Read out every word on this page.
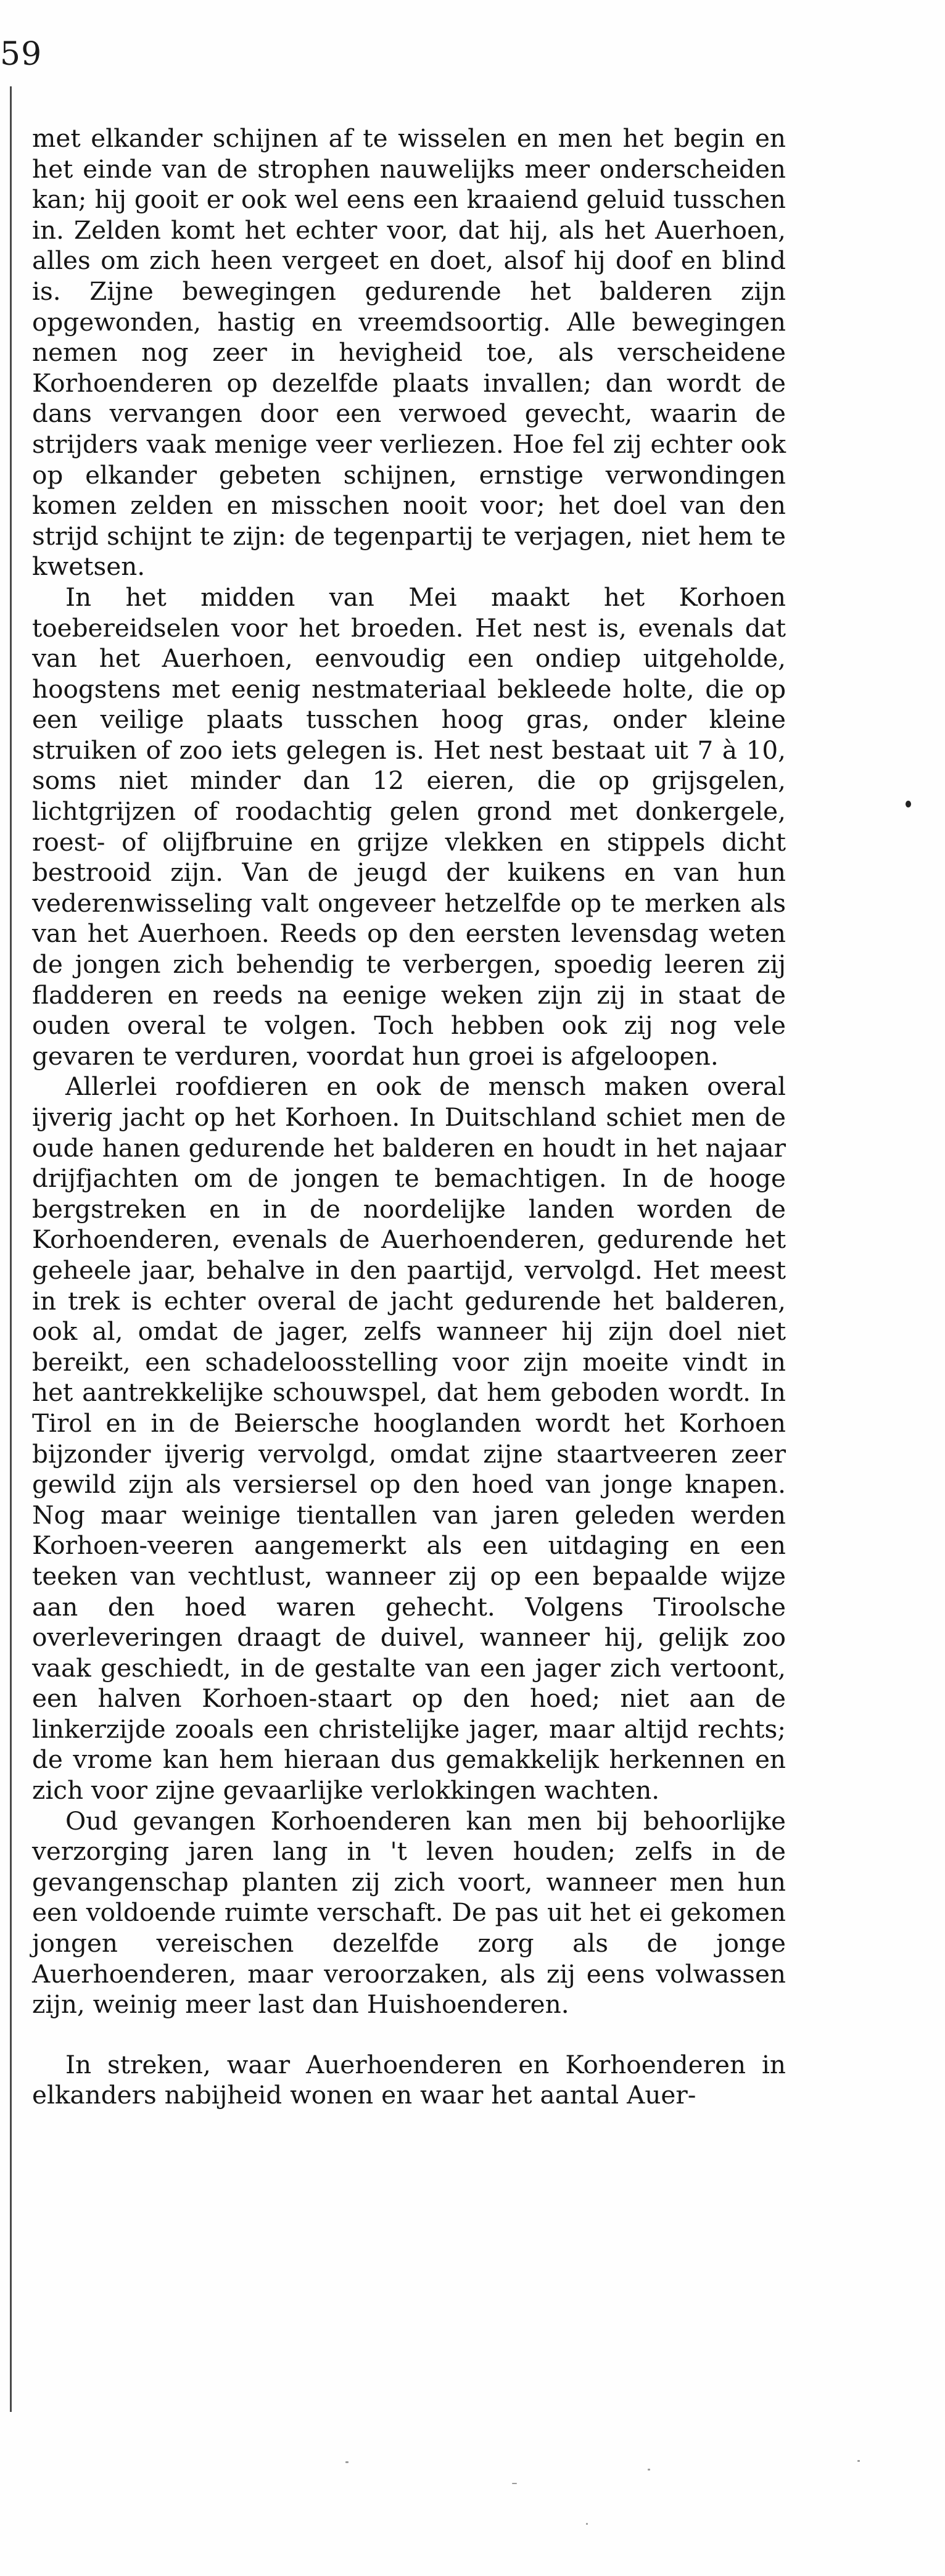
59

met elkander schijnen af te wisselen en men het begin en het einde van de strophen nauwelijks meer onderscheiden kan; hij gooit er ook wel eens een kraaiend geluid tusschen in. Zelden komt het echter voor, dat hij, als het Auerhoen, alles om zich heen vergeet en doet, alsof hij doof en blind is. Zijne bewegingen gedurende het balderen zijn opgewonden, hastig en vreemdsoortig. Alle bewegingen nemen nog zeer in hevigheid toe, als verscheidene Korhoenderen op dezelfde plaats invallen; dan wordt de dans vervangen door een verwoed gevecht, waarin de strijders vaak menige veer verliezen. Hoe fel zij echter ook op elkander gebeten schijnen, ernstige verwondingen komen zelden en misschen nooit voor; het doel van den strijd schijnt te zijn: de tegenpartij te verjagen, niet hem te kwetsen.

In het midden van Mei maakt het Korhoen toebereidselen voor het broeden. Het nest is, evenals dat van het Auerhoen, eenvoudig een ondiep uitgeholde, hoogstens met eenig nestmateriaal bekleede holte, die op een veilige plaats tusschen hoog gras, onder kleine struiken of zoo iets gelegen is. Het nest bestaat uit 7 à 10, soms niet minder dan 12 eieren, die op grijsgelen, lichtgrijzen of roodachtig gelen grond met donkergele, roest- of olijfbruine en grijze vlekken en stippels dicht bestrooid zijn. Van de jeugd der kuikens en van hun vederenwisseling valt ongeveer hetzelfde op te merken als van het Auerhoen. Reeds op den eersten levensdag weten de jongen zich behendig te verbergen, spoedig leeren zij fladderen en reeds na eenige weken zijn zij in staat de ouden overal te volgen. Toch hebben ook zij nog vele gevaren te verduren, voordat hun groei is afgeloopen.

Allerlei roofdieren en ook de mensch maken overal ijverig jacht op het Korhoen. In Duitschland schiet men de oude hanen gedurende het balderen en houdt in het najaar drijfjachten om de jongen te bemachtigen. In de hooge bergstreken en in de noordelijke landen worden de Korhoenderen, evenals de Auerhoenderen, gedurende het geheele jaar, behalve in den paartijd, vervolgd. Het meest in trek is echter overal de jacht gedurende het balderen, ook al, omdat de jager, zelfs wanneer hij zijn doel niet bereikt, een schadeloosstelling voor zijn moeite vindt in het aantrekkelijke schouwspel, dat hem geboden wordt. In Tirol en in de Beiersche hooglanden wordt het Korhoen bijzonder ijverig vervolgd, omdat zijne staartveeren zeer gewild zijn als versiersel op den hoed van jonge knapen. Nog maar weinige tientallen van jaren geleden werden Korhoen-veeren aangemerkt als een uitdaging en een teeken van vechtlust, wanneer zij op een bepaalde wijze aan den hoed waren gehecht. Volgens Tiroolsche overleveringen draagt de duivel, wanneer hij, gelijk zoo vaak geschiedt, in de gestalte van een jager zich vertoont, een halven Korhoen-staart op den hoed; niet aan de linkerzijde zooals een christelijke jager, maar altijd rechts; de vrome kan hem hieraan dus gemakkelijk herkennen en zich voor zijne gevaarlijke verlokkingen wachten.

Oud gevangen Korhoenderen kan men bij behoorlijke verzorging jaren lang in 't leven houden; zelfs in de gevangenschap planten zij zich voort, wanneer men hun een voldoende ruimte verschaft. De pas uit het ei gekomen jongen vereischen dezelfde zorg als de jonge Auerhoenderen, maar veroorzaken, als zij eens volwassen zijn, weinig meer last dan Huishoenderen.

In streken, waar Auerhoenderen en Korhoenderen in elkanders nabijheid wonen en waar het aantal Auer-
